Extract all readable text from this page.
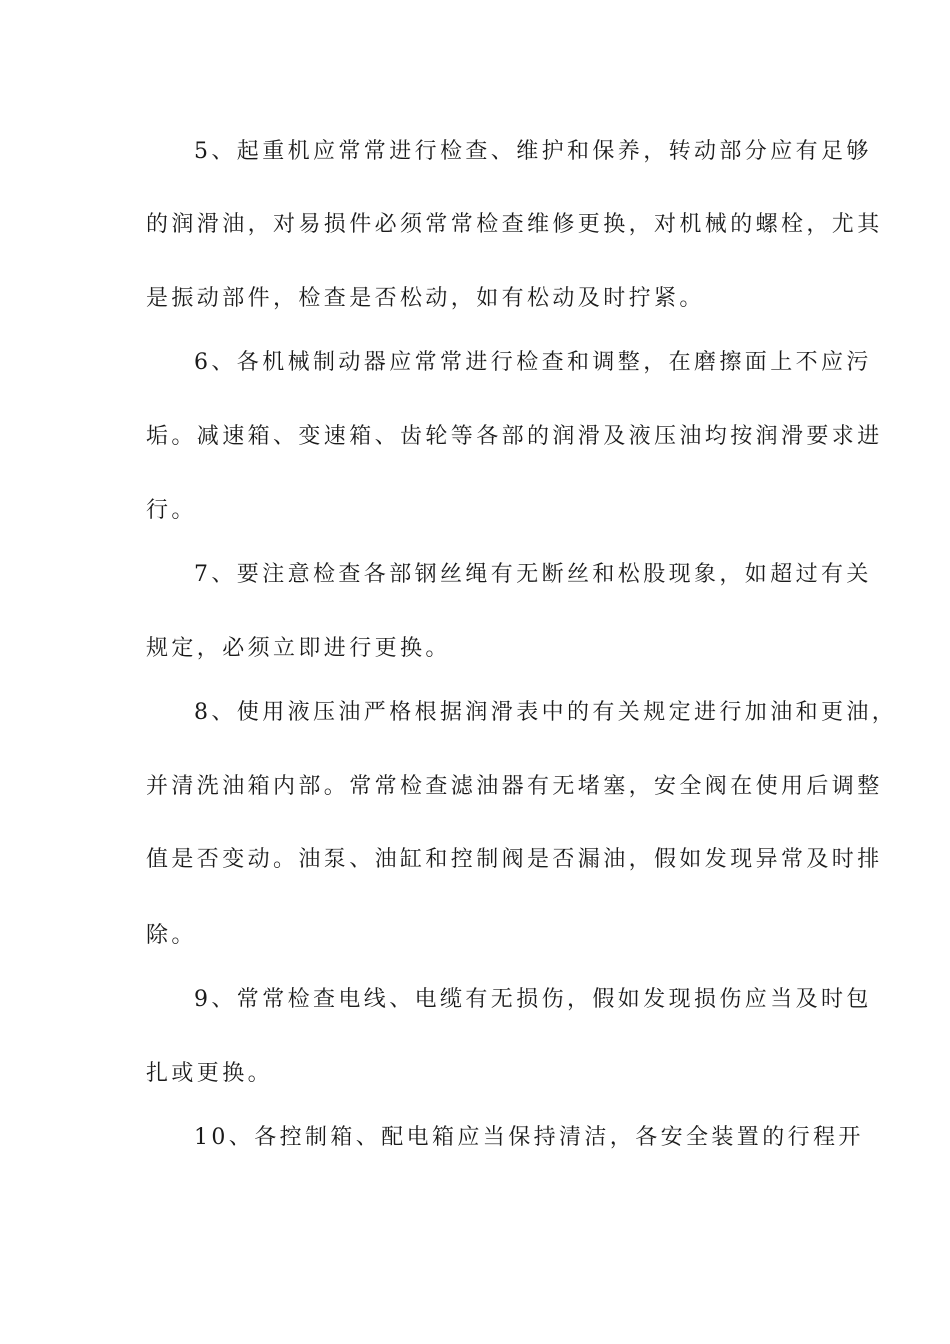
5、起重机应常常进行检查、维护和保养，转动部分应有足够
的润滑油，对易损件必须常常检查维修更换，对机械的螺栓，尤其
是振动部件，检查是否松动，如有松动及时拧紧。
6、各机械制动器应常常进行检查和调整，在磨擦面上不应污
垢。减速箱、变速箱、齿轮等各部的润滑及液压油均按润滑要求进
行。
7、要注意检查各部钢丝绳有无断丝和松股现象，如超过有关
规定，必须立即进行更换。
8、使用液压油严格根据润滑表中的有关规定进行加油和更油，
并清洗油箱内部。常常检查滤油器有无堵塞，安全阀在使用后调整
值是否变动。油泵、油缸和控制阀是否漏油，假如发现异常及时排
除。
9、常常检查电线、电缆有无损伤，假如发现损伤应当及时包
扎或更换。
10、各控制箱、配电箱应当保持清洁，各安全装置的行程开
